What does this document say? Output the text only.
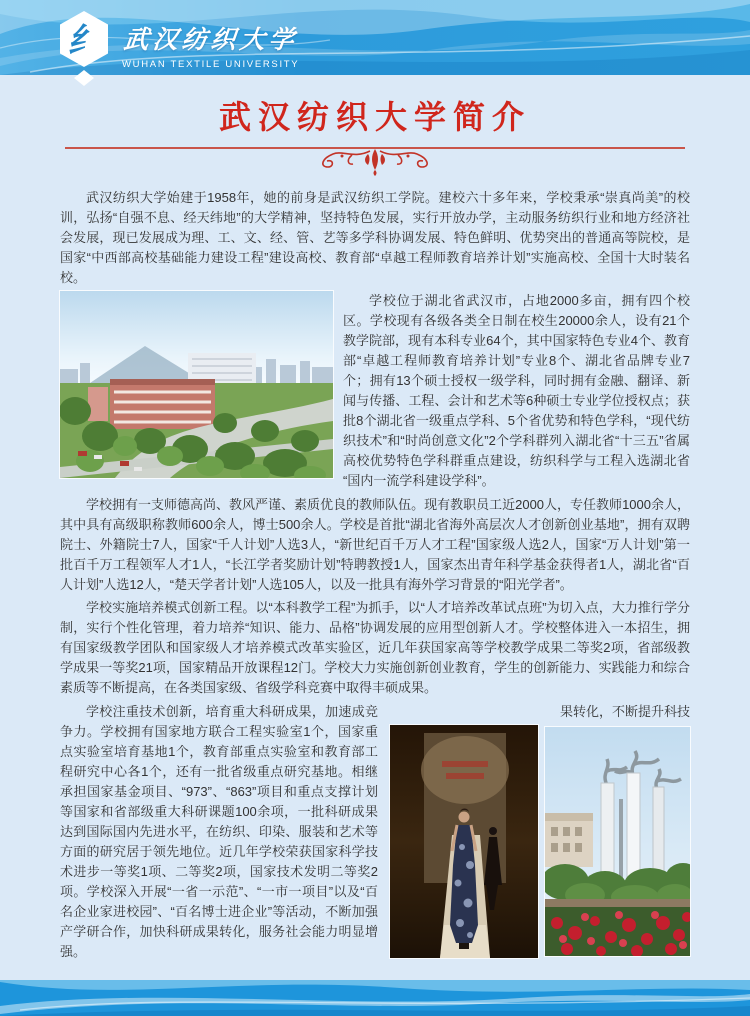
纟 武汉纺织大学
WUHAN TEXTILE UNIVERSITY
武汉纺织大学简介

武汉纺织大学始建于1958年，她的前身是武汉纺织工学院。建校六十多年来，学校秉承“崇真尚美”的校训，弘扬“自强不息、经天纬地”的大学精神，坚持特色发展，实行开放办学，主动服务纺织行业和地方经济社会发展，现已发展成为理、工、文、经、管、艺等多学科协调发展、特色鲜明、优势突出的普通高等院校，是国家“中西部高校基础能力建设工程”建设高校、教育部“卓越工程师教育培养计划”实施高校、全国十大时装名校。

学校位于湖北省武汉市，占地2000多亩，拥有四个校区。学校现有各级各类全日制在校生20000余人，设有21个教学院部，现有本科专业64个，其中国家特色专业4个、教育部“卓越工程师教育培养计划”专业8个、湖北省品牌专业7个；拥有13个硕士授权一级学科，同时拥有金融、翻译、新闻与传播、工程、会计和艺术等6种硕士专业学位授权点；获批8个湖北省一级重点学科、5个省优势和特色学科，“现代纺织技术”和“时尚创意文化”2个学科群列入湖北省“十三五”省属高校优势特色学科群重点建设，纺织科学与工程入选湖北省“国内一流学科建设学科”。

学校拥有一支师德高尚、教风严谨、素质优良的教师队伍。现有教职员工近2000人，专任教师1000余人，其中具有高级职称教师600余人，博士500余人。学校是首批“湖北省海外高层次人才创新创业基地”，拥有双聘院士、外籍院士7人，国家“千人计划”人选3人，“新世纪百千万人才工程”国家级人选2人，国家“万人计划”第一批百千万工程领军人才1人，“长江学者奖励计划”特聘教授1人，国家杰出青年科学基金获得者1人，湖北省“百人计划”人选12人，“楚天学者计划”人选105人，以及一批具有海外学习背景的“阳光学者”。

学校实施培养模式创新工程。以“本科教学工程”为抓手，以“人才培养改革试点班”为切入点，大力推行学分制，实行个性化管理，着力培养“知识、能力、品格”协调发展的应用型创新人才。学校整体进入一本招生，拥有国家级教学团队和国家级人才培养模式改革实验区，近几年获国家高等学校教学成果二等奖2项，省部级教学成果一等奖21项，国家精品开放课程12门。学校大力实施创新创业教育，学生的创新能力、实践能力和综合素质等不断提高，在各类国家级、省级学科竞赛中取得丰硕成果。

学校注重技术创新，培育重大科研成果，加速成竞争力。学校拥有国家地方联合工程实验室1个，国家重点实验室培育基地1个，教育部重点实验室和教育部工程研究中心各1个，还有一批省级重点研究基地。相继承担国家基金项目、“973”、“863”项目和重点支撑计划等国家和省部级重大科研课题100余项，一批科研成果达到国际国内先进水平，在纺织、印染、服装和艺术等方面的研究居于领先地位。近几年学校荣获国家科学技术进步一等奖1项、二等奖2项，国家技术发明二等奖2项。学校深入开展“一省一示范”、“一市一项目”以及“百名企业家进校园”、“百名博士进企业”等活动，不断加强产学研合作，加快科研成果转化，服务社会能力明显增强。

果转化，不断提升科技
